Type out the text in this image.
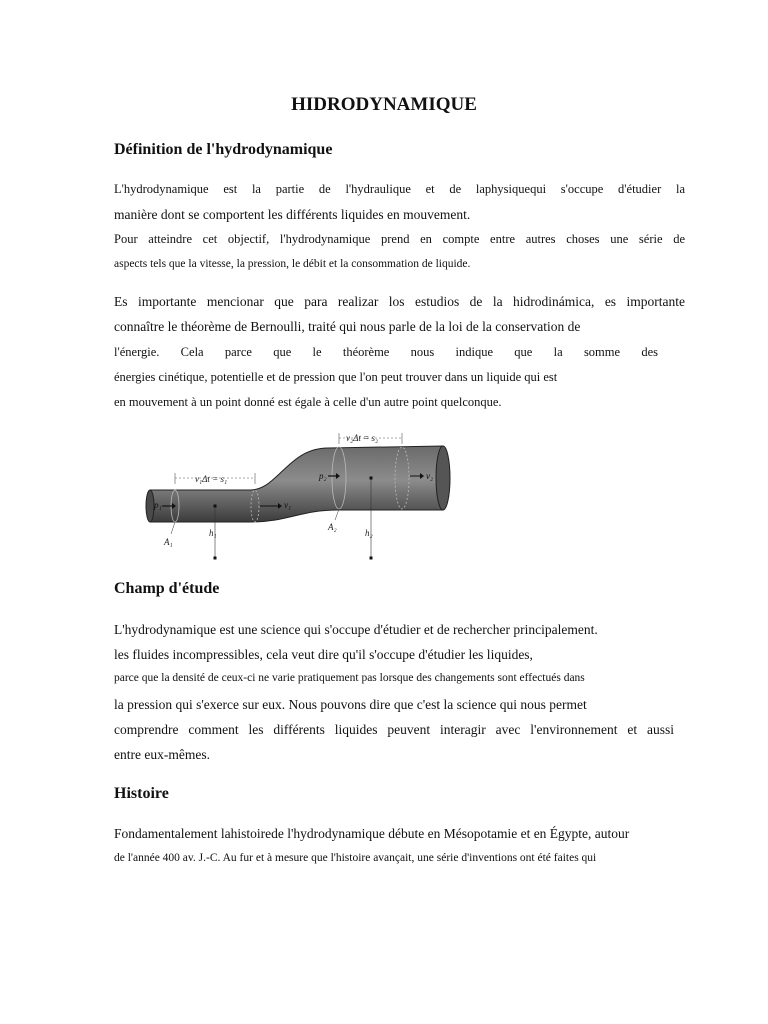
HIDRODYNAMIQUE
Définition de l'hydrodynamique
L'hydrodynamique est la partie de l'hydraulique et de laphysiquequi s'occupe d'étudier la
manière dont se comportent les différents liquides en mouvement.
Pour atteindre cet objectif, l'hydrodynamique prend en compte entre autres choses une série de
aspects tels que la vitesse, la pression, le débit et la consommation de liquide.
Es importante mencionar que para realizar los estudios de la hidrodinámica, es importante
connaître le théorème de Bernoulli, traité qui nous parle de la loi de la conservation de
l'énergie. Cela parce que le théorème nous indique que la somme des
énergies cinétique, potentielle et de pression que l'on peut trouver dans un liquide qui est
en mouvement à un point donné est égale à celle d'un autre point quelconque.
v₁Δt = s₁
v₂Δt = s₂
p₁	v₁
p₂	v₂
h₁	h₂
A₁
A₂
Champ d'étude
L'hydrodynamique est une science qui s'occupe d'étudier et de rechercher principalement.
les fluides incompressibles, cela veut dire qu'il s'occupe d'étudier les liquides,
parce que la densité de ceux-ci ne varie pratiquement pas lorsque des changements sont effectués dans
la pression qui s'exerce sur eux. Nous pouvons dire que c'est la science qui nous permet
comprendre comment les différents liquides peuvent interagir avec l'environnement et aussi
entre eux-mêmes.
Histoire
Fondamentalement lahistoirede l'hydrodynamique débute en Mésopotamie et en Égypte, autour
de l'année 400 av. J.-C. Au fur et à mesure que l'histoire avançait, une série d'inventions ont été faites qui
